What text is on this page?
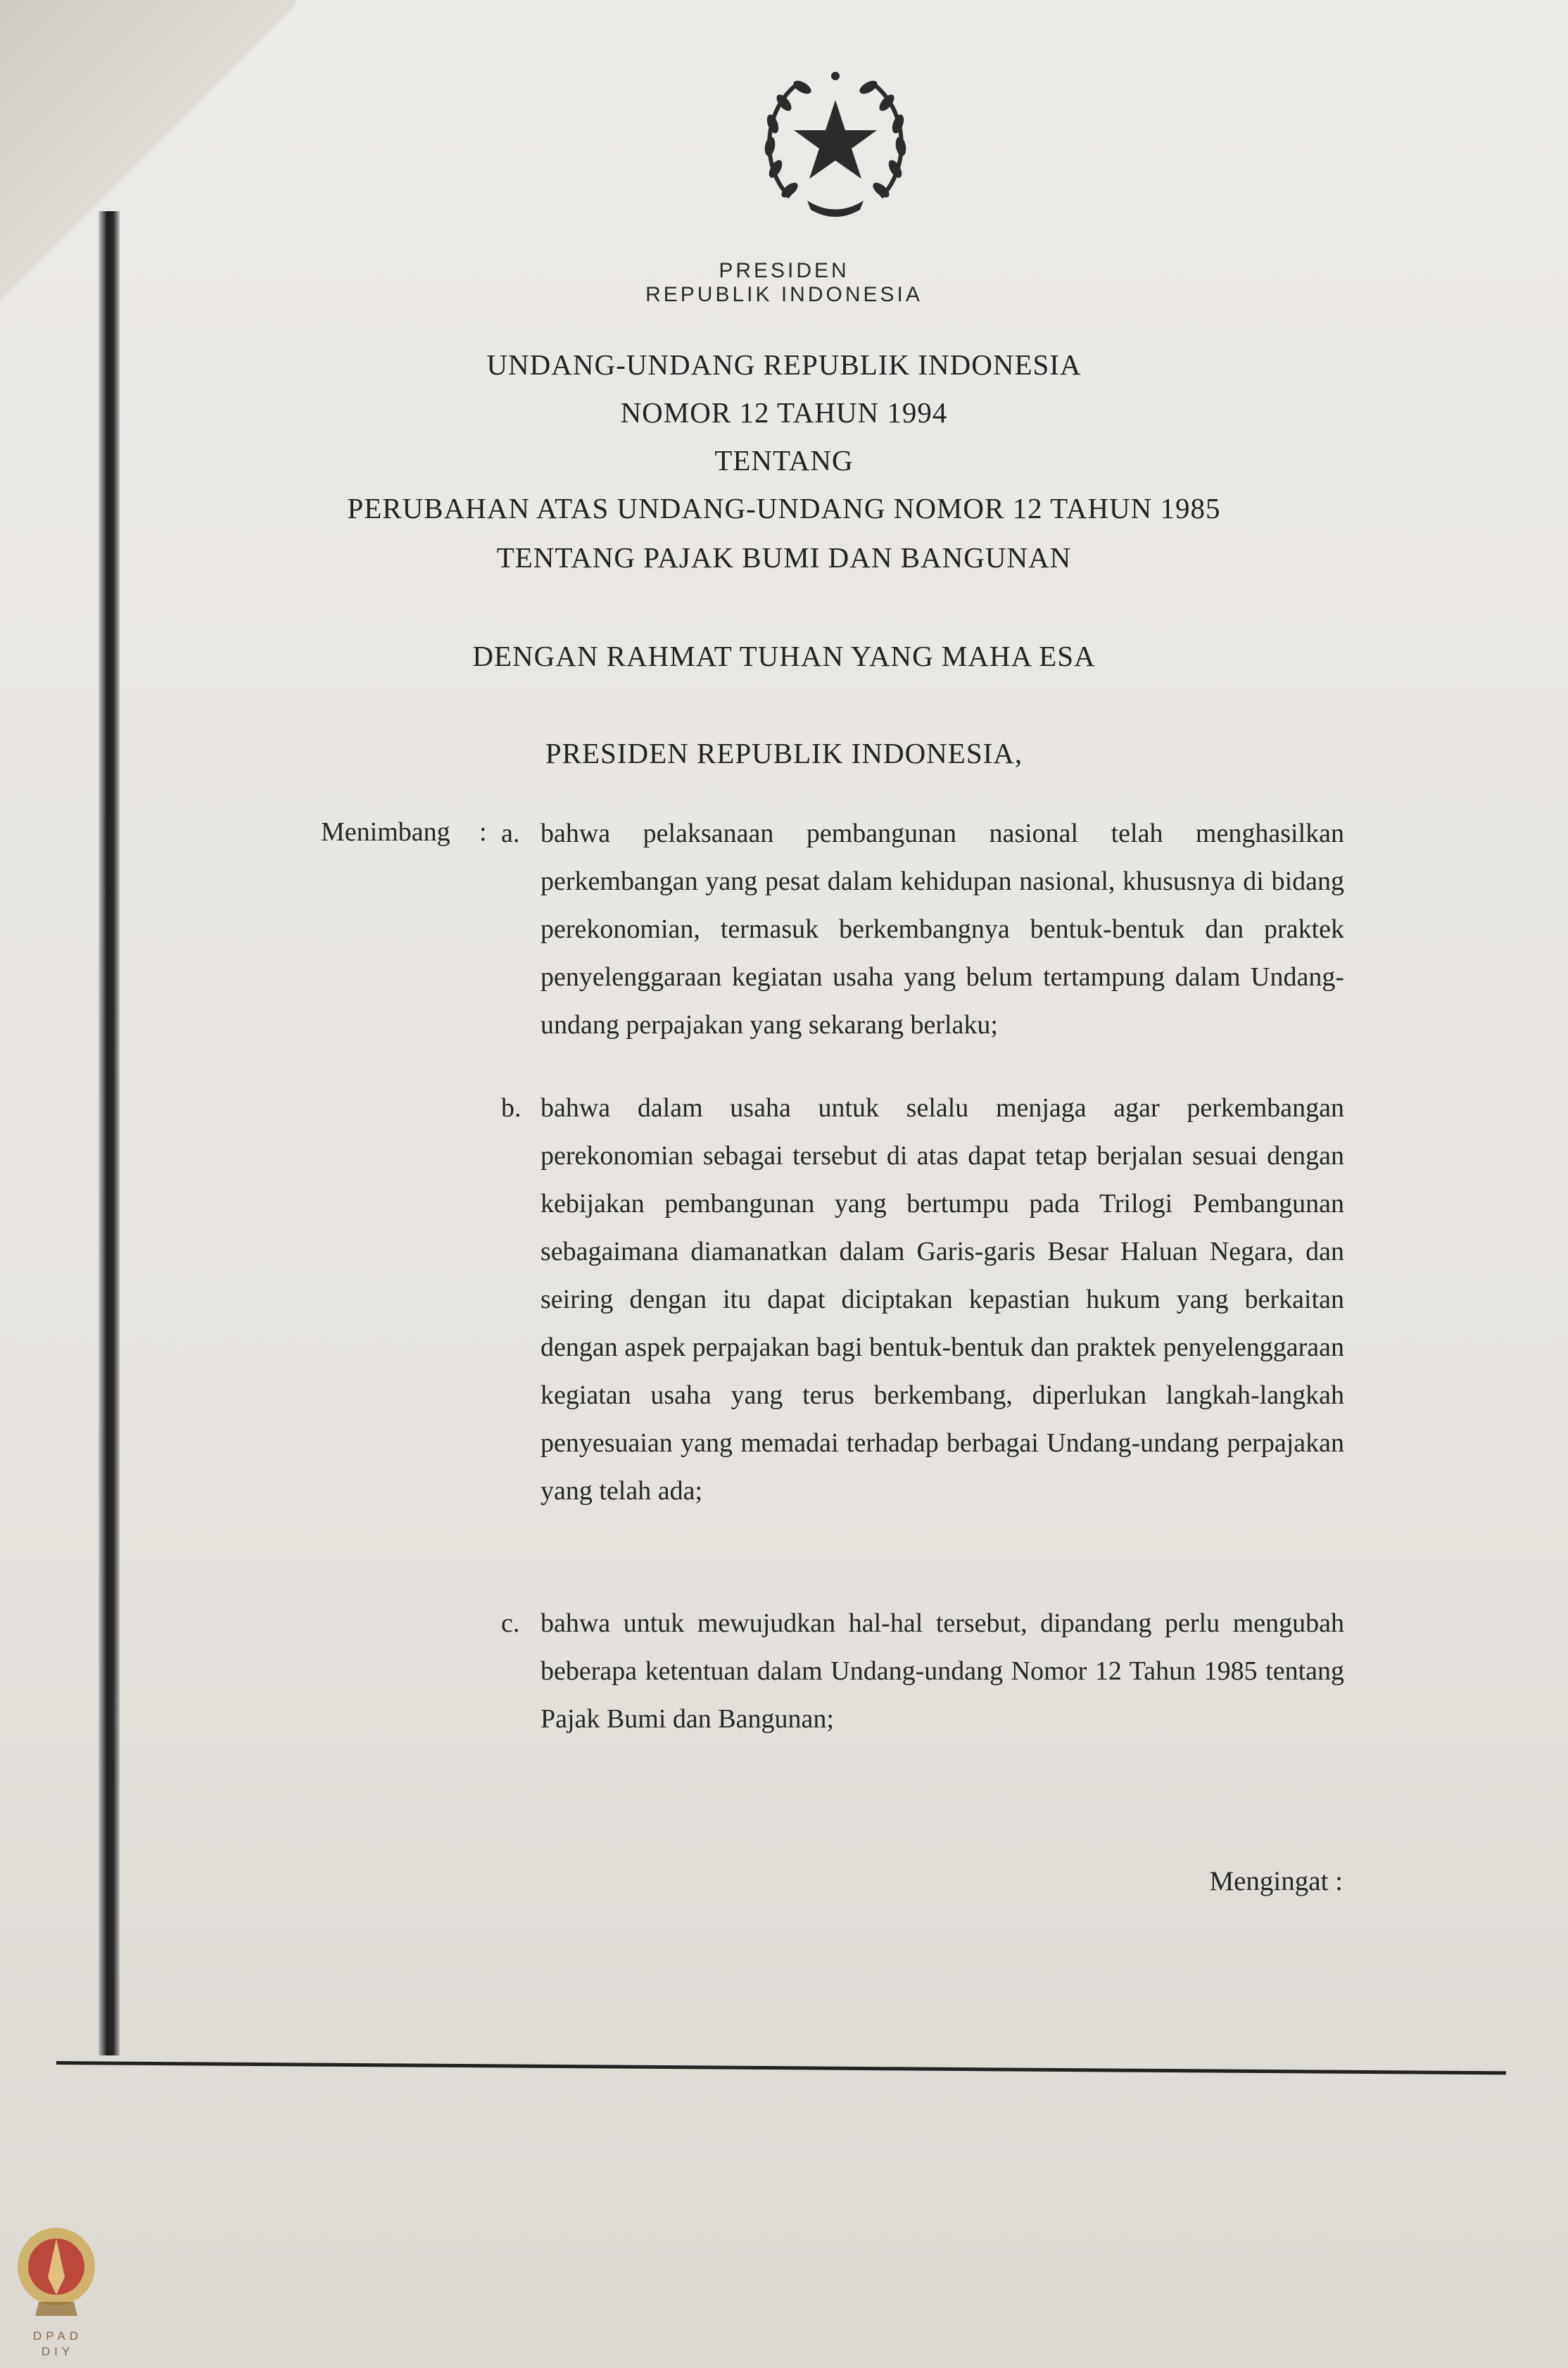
PRESIDEN
REPUBLIK INDONESIA
UNDANG-UNDANG REPUBLIK INDONESIA
NOMOR 12 TAHUN 1994
TENTANG
PERUBAHAN ATAS UNDANG-UNDANG NOMOR 12 TAHUN 1985
TENTANG PAJAK BUMI DAN BANGUNAN
DENGAN RAHMAT TUHAN YANG MAHA ESA
PRESIDEN REPUBLIK INDONESIA,
Menimbang : a. bahwa pelaksanaan pembangunan nasional telah menghasilkan perkembangan yang pesat dalam kehidupan nasional, khususnya di bidang perekonomian, termasuk berkembangnya bentuk-bentuk dan praktek penyelenggaraan kegiatan usaha yang belum tertampung dalam Undang-undang perpajakan yang sekarang berlaku;
b. bahwa dalam usaha untuk selalu menjaga agar perkembangan perekonomian sebagai tersebut di atas dapat tetap berjalan sesuai dengan kebijakan pembangunan yang bertumpu pada Trilogi Pembangunan sebagaimana diamanatkan dalam Garis-garis Besar Haluan Negara, dan seiring dengan itu dapat diciptakan kepastian hukum yang berkaitan dengan aspek perpajakan bagi bentuk-bentuk dan praktek penyelenggaraan kegiatan usaha yang terus berkembang, diperlukan langkah-langkah penyesuaian yang memadai terhadap berbagai Undang-undang perpajakan yang telah ada;
c. bahwa untuk mewujudkan hal-hal tersebut, dipandang perlu mengubah beberapa ketentuan dalam Undang-undang Nomor 12 Tahun 1985 tentang Pajak Bumi dan Bangunan;
Mengingat :
DPAD
DIY
